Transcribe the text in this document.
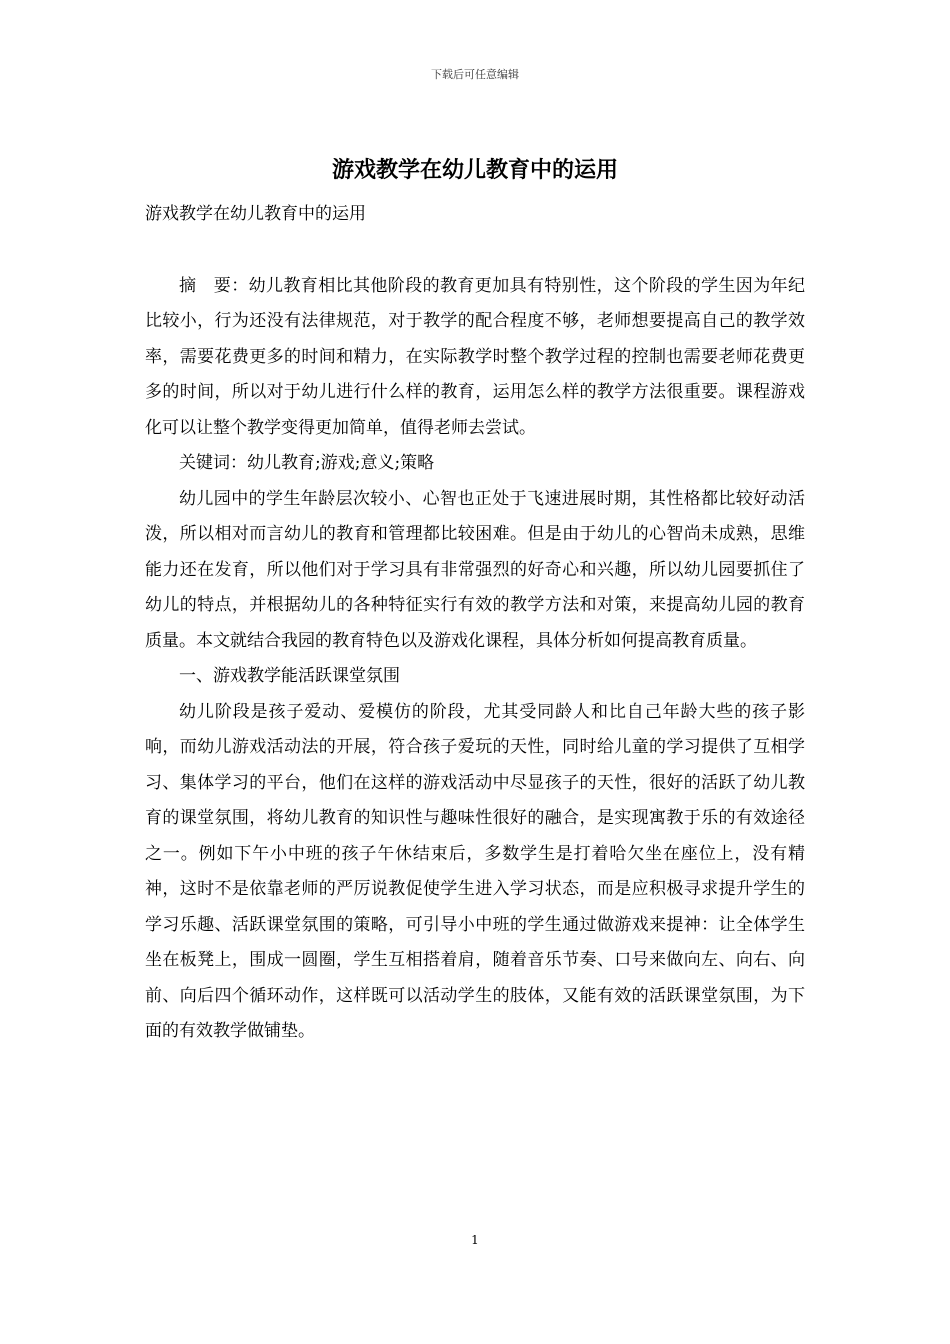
下载后可任意编辑
游戏教学在幼儿教育中的运用

游戏教学在幼儿教育中的运用

摘　要：幼儿教育相比其他阶段的教育更加具有特别性，这个阶段的学生因为年纪比较小，行为还没有法律规范，对于教学的配合程度不够，老师想要提高自己的教学效率，需要花费更多的时间和精力，在实际教学时整个教学过程的控制也需要老师花费更多的时间，所以对于幼儿进行什么样的教育，运用怎么样的教学方法很重要。课程游戏化可以让整个教学变得更加简单，值得老师去尝试。

关键词：幼儿教育;游戏;意义;策略

幼儿园中的学生年龄层次较小、心智也正处于飞速进展时期，其性格都比较好动活泼，所以相对而言幼儿的教育和管理都比较困难。但是由于幼儿的心智尚未成熟，思维能力还在发育，所以他们对于学习具有非常强烈的好奇心和兴趣，所以幼儿园要抓住了幼儿的特点，并根据幼儿的各种特征实行有效的教学方法和对策，来提高幼儿园的教育质量。本文就结合我园的教育特色以及游戏化课程，具体分析如何提高教育质量。

一、游戏教学能活跃课堂氛围

幼儿阶段是孩子爱动、爱模仿的阶段，尤其受同龄人和比自己年龄大些的孩子影响，而幼儿游戏活动法的开展，符合孩子爱玩的天性，同时给儿童的学习提供了互相学习、集体学习的平台，他们在这样的游戏活动中尽显孩子的天性，很好的活跃了幼儿教育的课堂氛围，将幼儿教育的知识性与趣味性很好的融合，是实现寓教于乐的有效途径之一。例如下午小中班的孩子午休结束后，多数学生是打着哈欠坐在座位上，没有精神，这时不是依靠老师的严厉说教促使学生进入学习状态，而是应积极寻求提升学生的学习乐趣、活跃课堂氛围的策略，可引导小中班的学生通过做游戏来提神：让全体学生坐在板凳上，围成一圆圈，学生互相搭着肩，随着音乐节奏、口号来做向左、向右、向前、向后四个循环动作，这样既可以活动学生的肢体，又能有效的活跃课堂氛围，为下面的有效教学做铺垫。

1
